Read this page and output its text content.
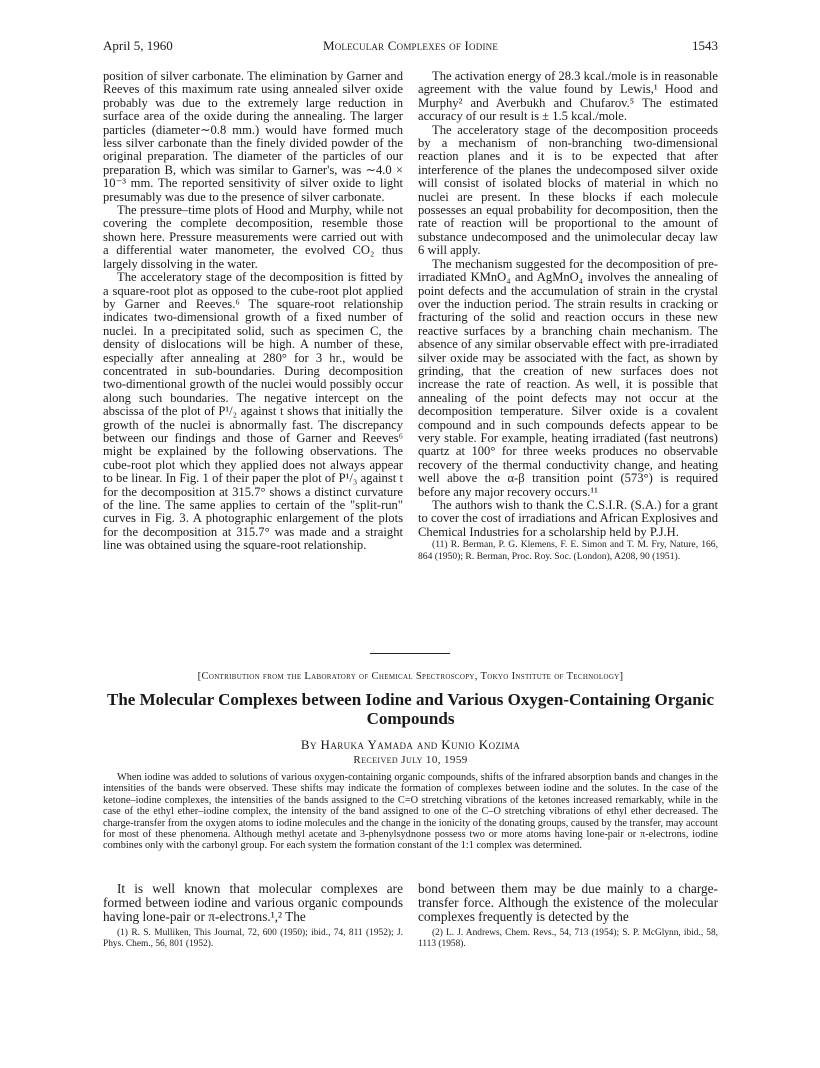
April 5, 1960	Molecular Complexes of Iodine	1543

position of silver carbonate. The elimination by Garner and Reeves of this maximum rate using annealed silver oxide probably was due to the extremely large reduction in surface area of the oxide during the annealing. The larger particles (diameter∼0.8 mm.) would have formed much less silver carbonate than the finely divided powder of the original preparation. The diameter of the particles of our preparation B, which was similar to Garner's, was ∼4.0 × 10⁻³ mm. The reported sensitivity of silver oxide to light presumably was due to the presence of silver carbonate.

The pressure–time plots of Hood and Murphy, while not covering the complete decomposition, resemble those shown here. Pressure measurements were carried out with a differential water manometer, the evolved CO₂ thus largely dissolving in the water.

The acceleratory stage of the decomposition is fitted by a square-root plot as opposed to the cube-root plot applied by Garner and Reeves.⁶ The square-root relationship indicates two-dimensional growth of a fixed number of nuclei. In a precipitated solid, such as specimen C, the density of dislocations will be high. A number of these, especially after annealing at 280° for 3 hr., would be concentrated in sub-boundaries. During decomposition two-dimentional growth of the nuclei would possibly occur along such boundaries. The negative intercept on the abscissa of the plot of P¹/₂ against t shows that initially the growth of the nuclei is abnormally fast. The discrepancy between our findings and those of Garner and Reeves⁶ might be explained by the following observations. The cube-root plot which they applied does not always appear to be linear. In Fig. 1 of their paper the plot of P¹/₃ against t for the decomposition at 315.7° shows a distinct curvature of the line. The same applies to certain of the "split-run" curves in Fig. 3. A photographic enlargement of the plots for the decomposition at 315.7° was made and a straight line was obtained using the square-root relationship.

The activation energy of 28.3 kcal./mole is in reasonable agreement with the value found by Lewis,¹ Hood and Murphy² and Averbukh and Chufarov.⁵ The estimated accuracy of our result is ± 1.5 kcal./mole.

The acceleratory stage of the decomposition proceeds by a mechanism of non-branching two-dimensional reaction planes and it is to be expected that after interference of the planes the undecomposed silver oxide will consist of isolated blocks of material in which no nuclei are present. In these blocks if each molecule possesses an equal probability for decomposition, then the rate of reaction will be proportional to the amount of substance undecomposed and the unimolecular decay law 6 will apply.

The mechanism suggested for the decomposition of pre-irradiated KMnO₄ and AgMnO₄ involves the annealing of point defects and the accumulation of strain in the crystal over the induction period. The strain results in cracking or fracturing of the solid and reaction occurs in these new reactive surfaces by a branching chain mechanism. The absence of any similar observable effect with pre-irradiated silver oxide may be associated with the fact, as shown by grinding, that the creation of new surfaces does not increase the rate of reaction. As well, it is possible that annealing of the point defects may not occur at the decomposition temperature. Silver oxide is a covalent compound and in such compounds defects appear to be very stable. For example, heating irradiated (fast neutrons) quartz at 100° for three weeks produces no observable recovery of the thermal conductivity change, and heating well above the α-β transition point (573°) is required before any major recovery occurs.¹¹

The authors wish to thank the C.S.I.R. (S.A.) for a grant to cover the cost of irradiations and African Explosives and Chemical Industries for a scholarship held by P.J.H.

(11) R. Berman, P. G. Klemens, F. E. Simon and T. M. Fry, Nature, 166, 864 (1950); R. Berman, Proc. Roy. Soc. (London), A208, 90 (1951).

[Contribution from the Laboratory of Chemical Spectroscopy, Tokyo Institute of Technology]
The Molecular Complexes between Iodine and Various Oxygen-Containing Organic Compounds
By Haruka Yamada and Kunio Kozima
Received July 10, 1959
When iodine was added to solutions of various oxygen-containing organic compounds, shifts of the infrared absorption bands and changes in the intensities of the bands were observed. These shifts may indicate the formation of complexes between iodine and the solutes. In the case of the ketone–iodine complexes, the intensities of the bands assigned to the C=O stretching vibrations of the ketones increased remarkably, while in the case of the ethyl ether–iodine complex, the intensity of the band assigned to one of the C–O stretching vibrations of ethyl ether decreased. The charge-transfer from the oxygen atoms to iodine molecules and the change in the ionicity of the donating groups, caused by the transfer, may account for most of these phenomena. Although methyl acetate and 3-phenylsydnone possess two or more atoms having lone-pair or π-electrons, iodine combines only with the carbonyl group. For each system the formation constant of the 1:1 complex was determined.

It is well known that molecular complexes are formed between iodine and various organic compounds having lone-pair or π-electrons.¹,² The

(1) R. S. Mulliken, This Journal, 72, 600 (1950); ibid., 74, 811 (1952); J. Phys. Chem., 56, 801 (1952).

bond between them may be due mainly to a charge-transfer force. Although the existence of the molecular complexes frequently is detected by the

(2) L. J. Andrews, Chem. Revs., 54, 713 (1954); S. P. McGlynn, ibid., 58, 1113 (1958).
